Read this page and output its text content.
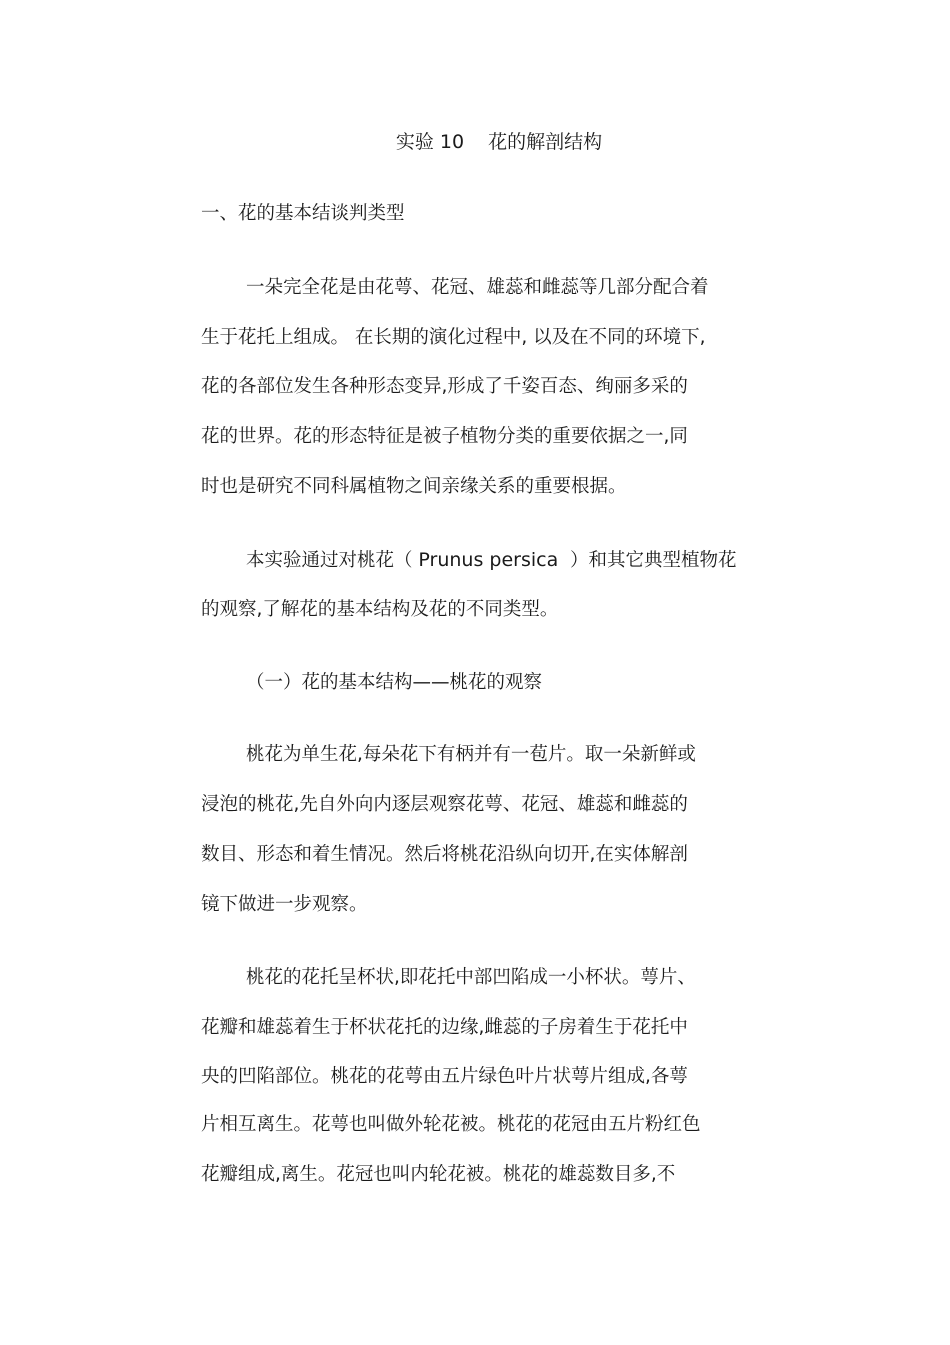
实验 10    花的解剖结构
一、花的基本结谈判类型
一朵完全花是由花萼、花冠、雄蕊和雌蕊等几部分配合着
生于花托上组成。 在长期的演化过程中, 以及在不同的环境下,
花的各部位发生各种形态变异,形成了千姿百态、绚丽多采的
花的世界。花的形态特征是被子植物分类的重要依据之一,同
时也是研究不同科属植物之间亲缘关系的重要根据。
本实验通过对桃花（ Prunus persica  ）和其它典型植物花
的观察,了解花的基本结构及花的不同类型。
（一）花的基本结构——桃花的观察
桃花为单生花,每朵花下有柄并有一苞片。取一朵新鲜或
浸泡的桃花,先自外向内逐层观察花萼、花冠、雄蕊和雌蕊的
数目、形态和着生情况。然后将桃花沿纵向切开,在实体解剖
镜下做进一步观察。
桃花的花托呈杯状,即花托中部凹陷成一小杯状。萼片、
花瓣和雄蕊着生于杯状花托的边缘,雌蕊的子房着生于花托中
央的凹陷部位。桃花的花萼由五片绿色叶片状萼片组成,各萼
片相互离生。花萼也叫做外轮花被。桃花的花冠由五片粉红色
花瓣组成,离生。花冠也叫内轮花被。桃花的雄蕊数目多,不
